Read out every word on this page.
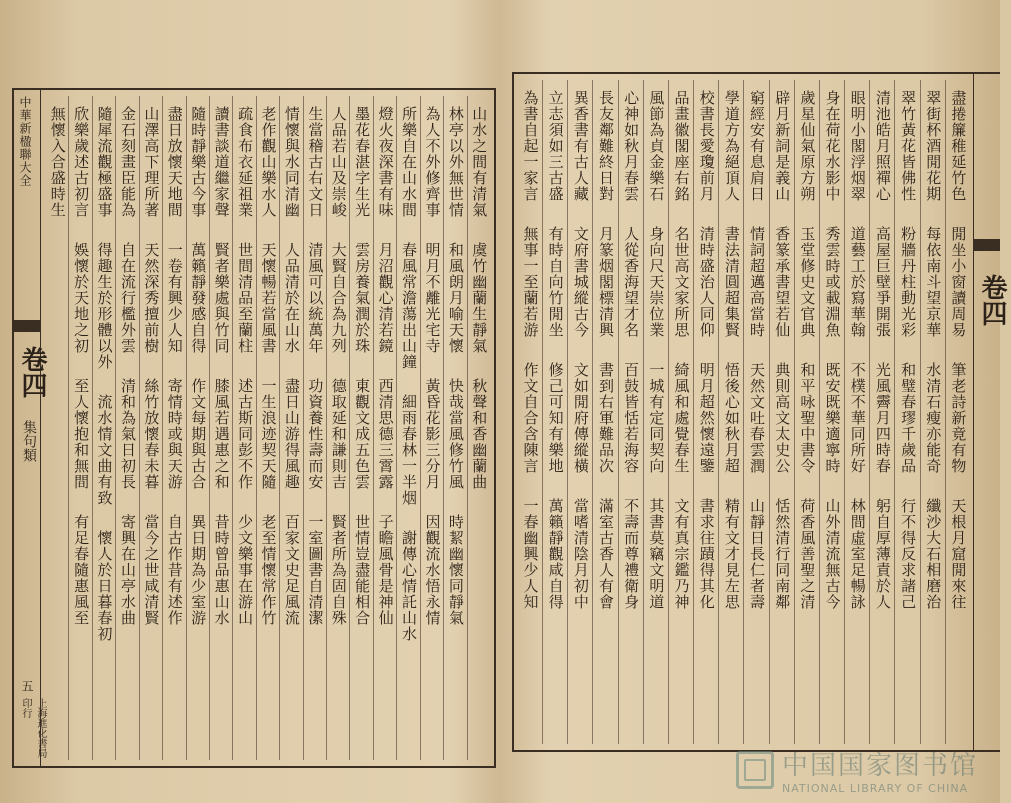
中華新楹聯大全
卷四
集句類
五
上海進化書局印行
山水之間有清氣
虞竹幽蘭生靜氣
秋聲和香幽蘭曲
林亭以外無世情
和風朗月喻天懷
快哉當風修竹風
時絜幽懷同靜氣
為人不外修齊事
明月不離光宅寺
黃昏花影三分月
因觀流水悟永情
所樂自在山水間
春風常澹蕩出山鐘
細雨春林一半烟
謝傳心情託山水
燈火夜深書有味
月沼觀心清若鏡
西清思德三霄露
子瞻風骨是神仙
墨花春湛字生光
雲房養氣潤於珠
東觀文成五色雲
世情豈盡能相合
人品若山及崇峻
大賢自合為九列
德取延和謙則吉
賢者所為固自殊
生當稽古右文日
清風可以統萬年
功資養性壽而安
一室圖書自清潔
情懷與水同清幽
人品清於在山水
盡日山游得風趣
百家文史足風流
老作觀山樂水人
天懷暢若當風書
一生浪迹契天隨
老至情懷常作竹
疏食布衣延祖業
世間清品至蘭柱
述古斯同彭不作
少文樂事在游山
讀書談道繼家聲
賢者樂處與竹同
膝風若遇惠之和
昔時曾品惠山水
隨時靜樂古今事
萬籟靜發感自得
作文每期與古合
異日期為少室游
盡日放懷天地間
一卷有興少人知
寄情時或與天游
自古作昔有述作
山澤高下理所著
天然深秀擅前樹
絲竹放懷春未暮
當今之世咸清賢
金石刻畫臣能為
自在流行檻外雲
清和為氣日初長
寄興在山亭水曲
隨犀流觀極盛事
得趣生於形體以外
流水情文曲有致
懷人於日暮春初
欣樂歲述古初言
娛懷於天地之初
至人懷抱和無間
有足春隨惠風至
無懷入合盛時生	盡捲簾稚延竹色
閒坐小窗讀周易
筆老詩新竟有物
天根月窟閒來往
翠街杯酒閒花期
每依南斗望京華
水清石瘦亦能奇
纖沙大石相磨治
翠竹黃花皆佛性
粉牆丹柱動光彩
和璧春璆千歲品
行不得反求諸己
清池皓月照禪心
高屋巨壁爭開張
光風霽月四時春
躬自厚薄責於人
眼明小閣浮烟翠
道藝工於寫華翰
不樸不華同所好
林間虛室足暢詠
身在荷花水影中
秀雲時或載淵魚
既安既樂適寧時
山外清流無古今
歲星仙氣原方朔
玉堂修史文官典
和平咏聖中書令
荷香風善聖之清
辟月新詞是義山
香篆承書望若仙
典則高文太史公
恬然清行同南鄰
窮經安有息肩日
情詞超邁高當時
天然文吐春雲潤
山靜日長仁者壽
學道方為絕頂人
書法清圓超集賢
悟後心如秋月超
精有文才見左思
校書長愛瓊前月
清時盛治人同仰
明月超然懷遠鑒
書求往蹟得其化
品畫徽閣座右銘
名世高文家所思
綺風和處覺春生
文有真宗鑑乃神
風節為貞金樂石
身向尺天崇位業
一城有定同契向
其書莫竊文明道
心神如秋月春雲
人從香海望才名
百鼓皆恬若海容
不壽而尊禮衛身
長友鄰難終日對
月篆烟閣標清興
書到右軍難品次
滿室古香人有會
異香書有古人藏
文府書城縱古今
文如閒府傳縱橫
當嗜清陰月初中
立志須如三古盛
有時自向竹閒坐
修己可知有樂地
萬籟靜觀咸自得
為書自起一家言
無事一至蘭若游
作文自合含陳言
一春幽興少人知
卷四
中国国家图书馆
NATIONAL LIBRARY OF CHINA
